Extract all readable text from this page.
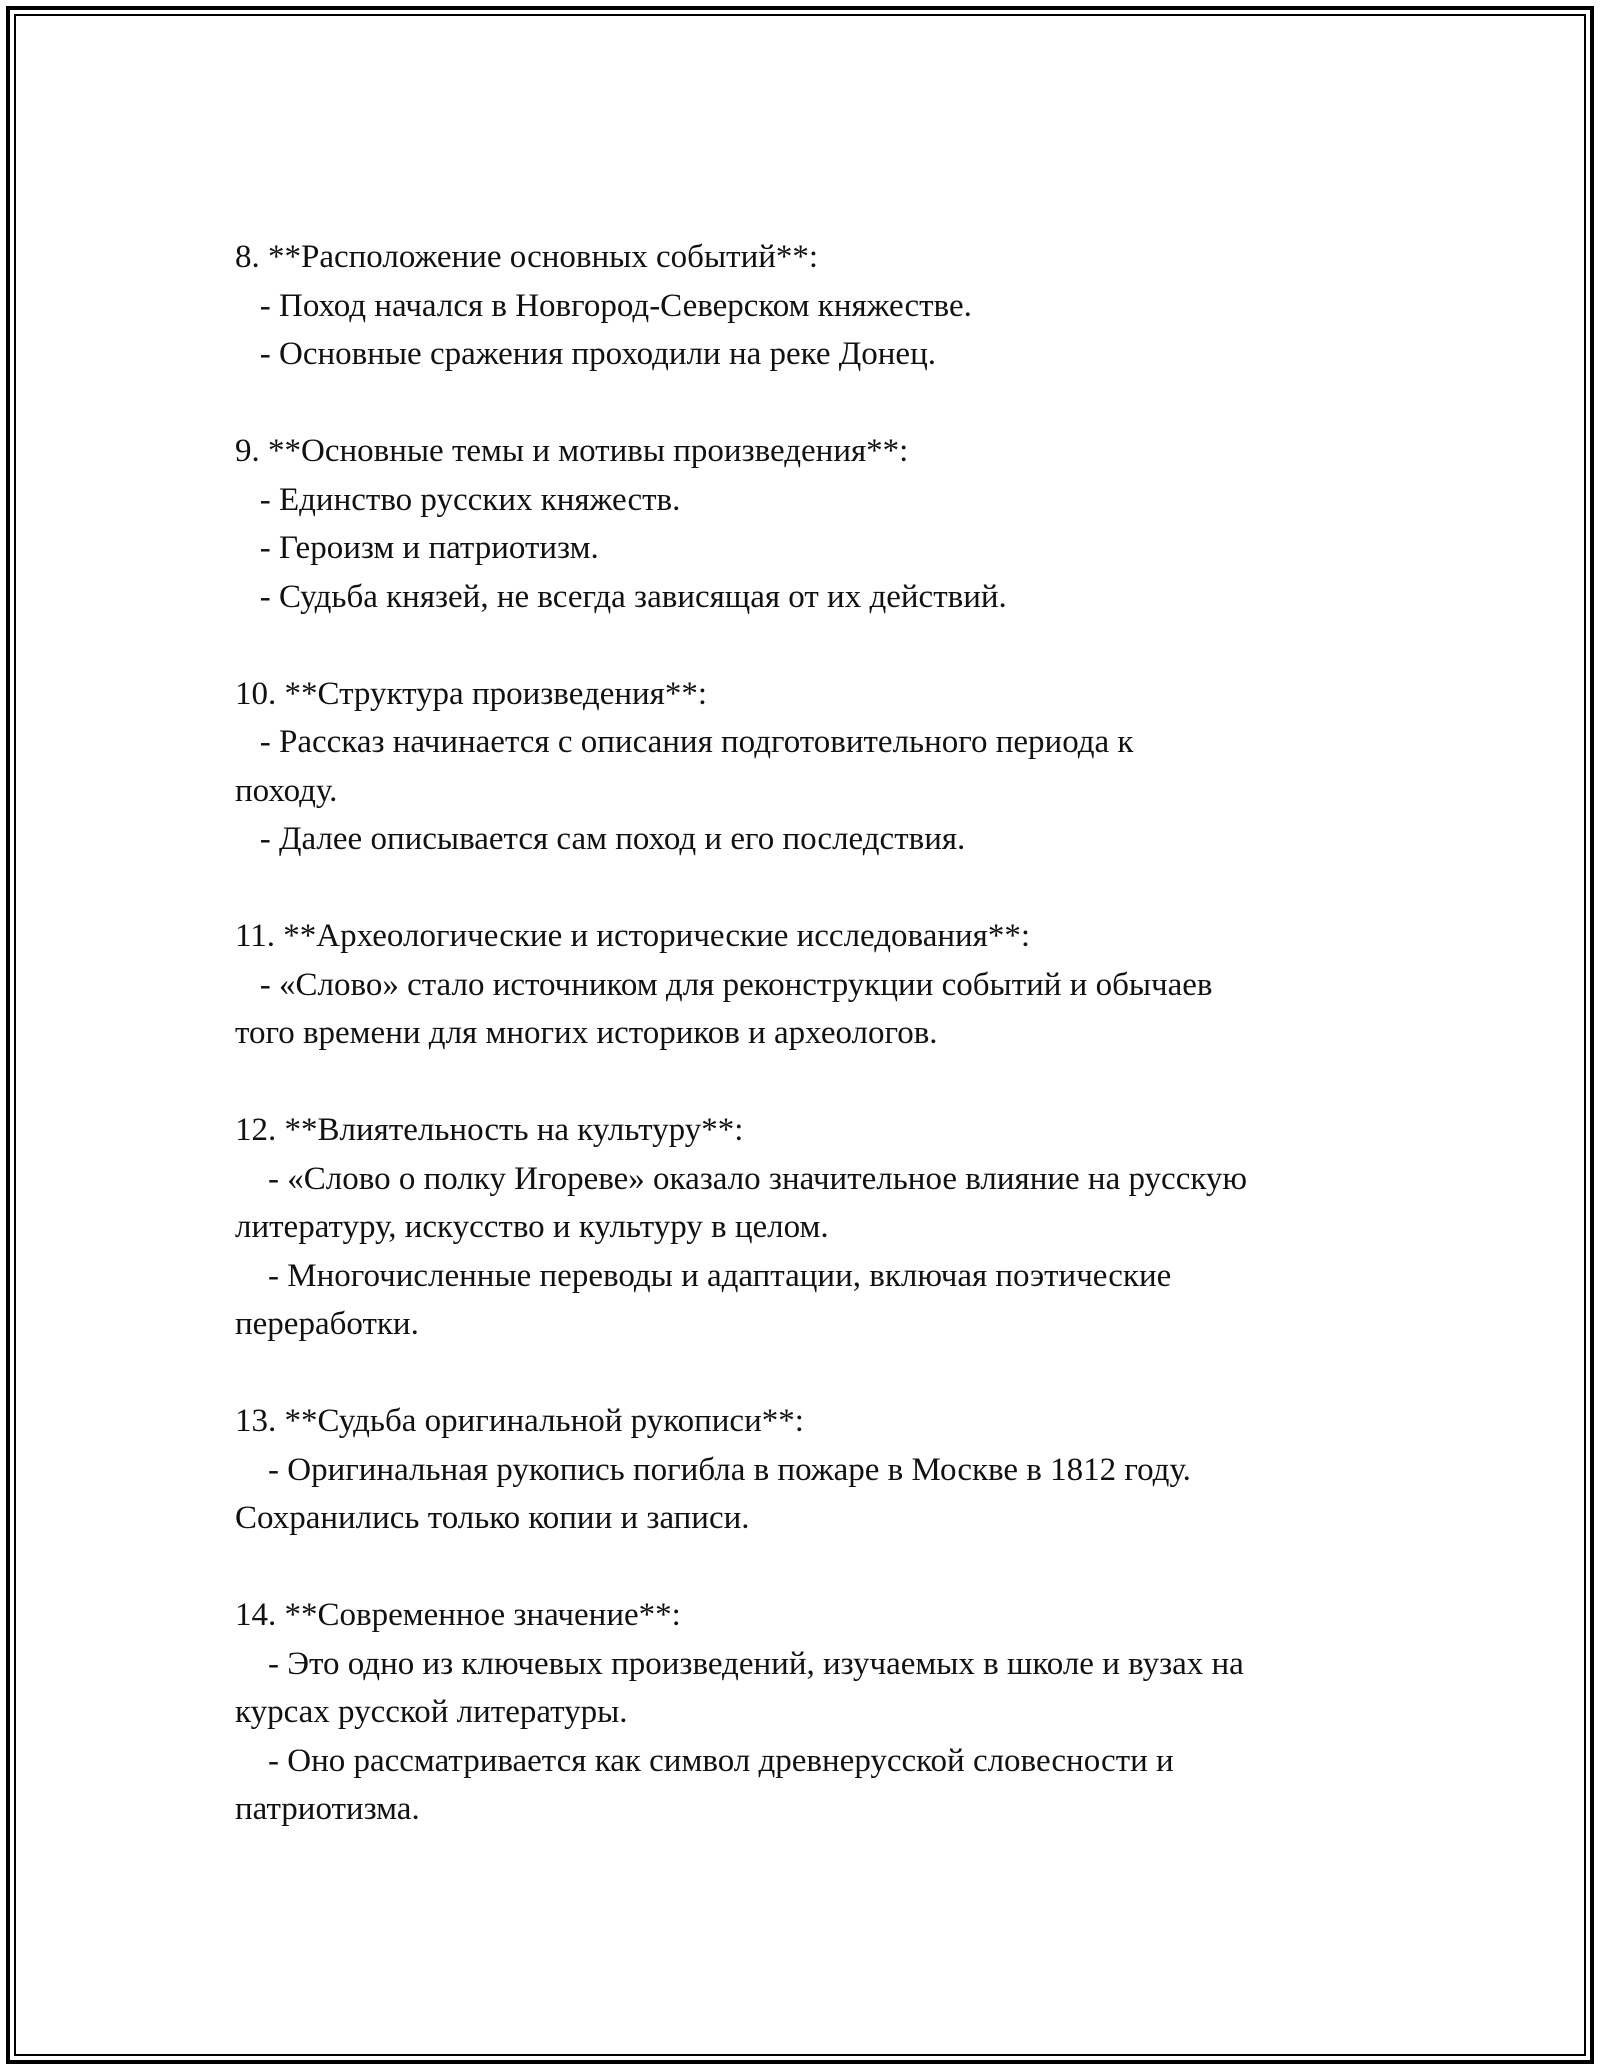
8. **Расположение основных событий**:
- Поход начался в Новгород-Северском княжестве.
- Основные сражения проходили на реке Донец.
9. **Основные темы и мотивы произведения**:
- Единство русских княжеств.
- Героизм и патриотизм.
- Судьба князей, не всегда зависящая от их действий.
10. **Структура произведения**:
- Рассказ начинается с описания подготовительного периода к
походу.
- Далее описывается сам поход и его последствия.
11. **Археологические и исторические исследования**:
- «Слово» стало источником для реконструкции событий и обычаев
того времени для многих историков и археологов.
12. **Влиятельность на культуру**:
- «Слово о полку Игореве» оказало значительное влияние на русскую
литературу, искусство и культуру в целом.
- Многочисленные переводы и адаптации, включая поэтические
переработки.
13. **Судьба оригинальной рукописи**:
- Оригинальная рукопись погибла в пожаре в Москве в 1812 году.
Сохранились только копии и записи.
14. **Современное значение**:
- Это одно из ключевых произведений, изучаемых в школе и вузах на
курсах русской литературы.
- Оно рассматривается как символ древнерусской словесности и
патриотизма.
